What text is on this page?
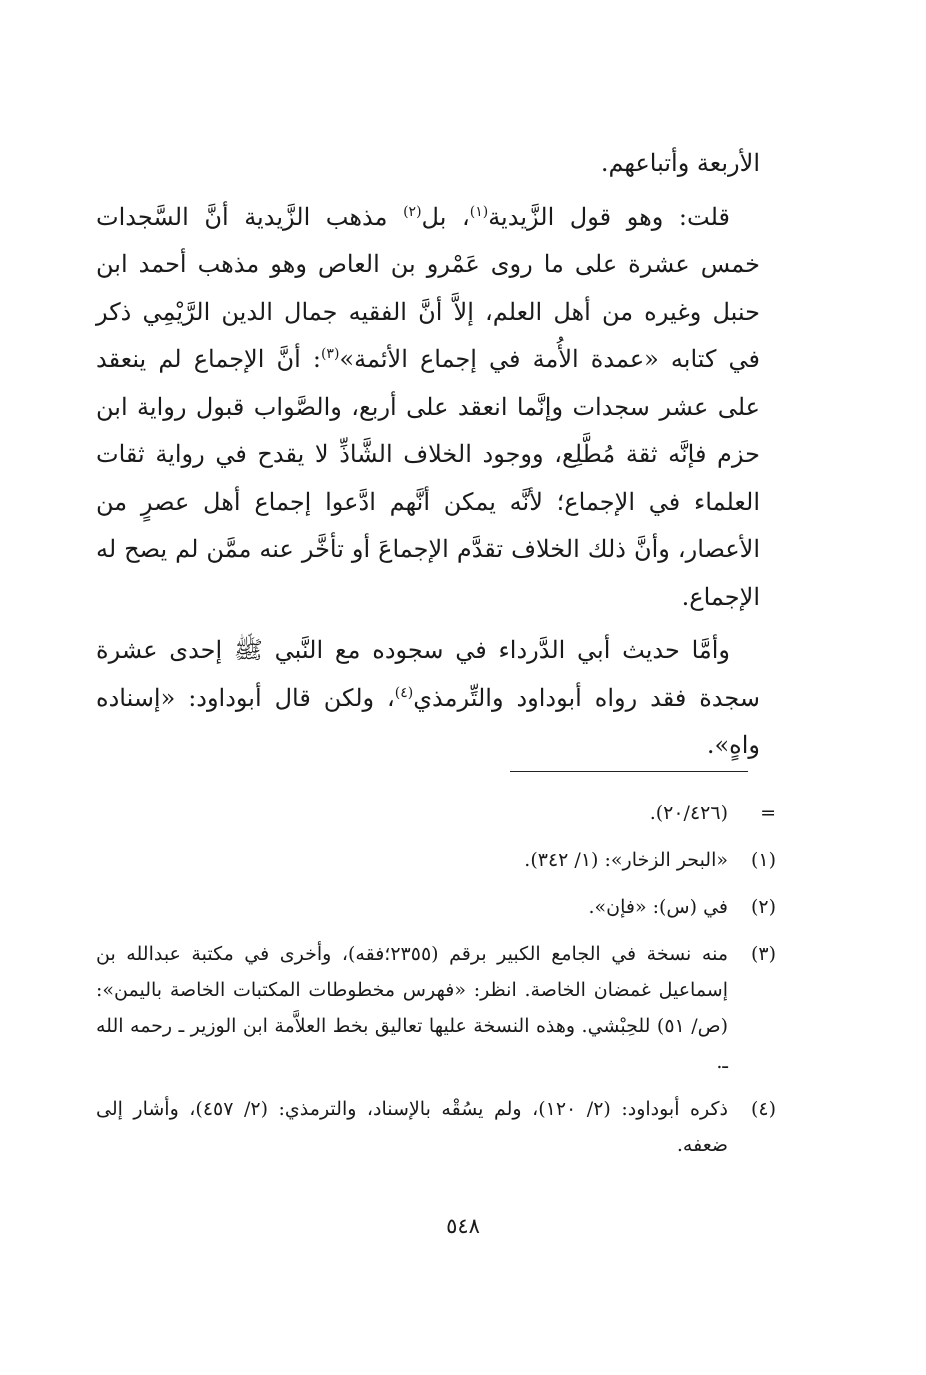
الأربعة وأتباعهم.

قلت: وهو قول الزَّيدية$^{(١)}$، بل$^{(٢)}$ مذهب الزَّيدية أنَّ السَّجدات خمس عشرة على ما روى عَمْرو بن العاص وهو مذهب أحمد ابن حنبل وغيره من أهل العلم، إلاَّ أنَّ الفقيه جمال الدين الرَّيْمِي ذكر في كتابه «عمدة الأُمة في إجماع الأئمة»$^{(٣)}$: أنَّ الإجماع لم ينعقد على عشر سجدات وإنَّما انعقد على أربع، والصَّواب قبول رواية ابن حزم فإنَّه ثقة مُطَّلِع، ووجود الخلاف الشَّاذِّ لا يقدح في رواية ثقات العلماء في الإجماع؛ لأنَّه يمكن أنَّهم ادَّعوا إجماع أهل عصرٍ من الأعصار، وأنَّ ذلك الخلاف تقدَّم الإجماعَ أو تأخَّر عنه ممَّن لم يصح له الإجماع.

وأمَّا حديث أبي الدَّرداء في سجوده مع النَّبي ﷺ إحدى عشرة سجدة فقد رواه أبوداود والتِّرمذي$^{(٤)}$، ولكن قال أبوداود: «إسناده واهٍ».

=
(٢٠/٤٢٦).
(١)
«البحر الزخار»: (١/ ٣٤٢).
(٢)
في (س): «فإن».
(٣)
منه نسخة في الجامع الكبير برقم (٢٣٥٥؛فقه)، وأخرى في مكتبة عبدالله بن إسماعيل غمضان الخاصة. انظر: «فهرس مخطوطات المكتبات الخاصة باليمن»: (ص/ ٥١) للحِبْشي. وهذه النسخة عليها تعاليق بخط العلاَّمة ابن الوزير ـ رحمه الله ـ.
(٤)
ذكره أبوداود: (٢/ ١٢٠)، ولم يسُقْه بالإسناد، والترمذي: (٢/ ٤٥٧)، وأشار إلى ضعفه.
٥٤٨
